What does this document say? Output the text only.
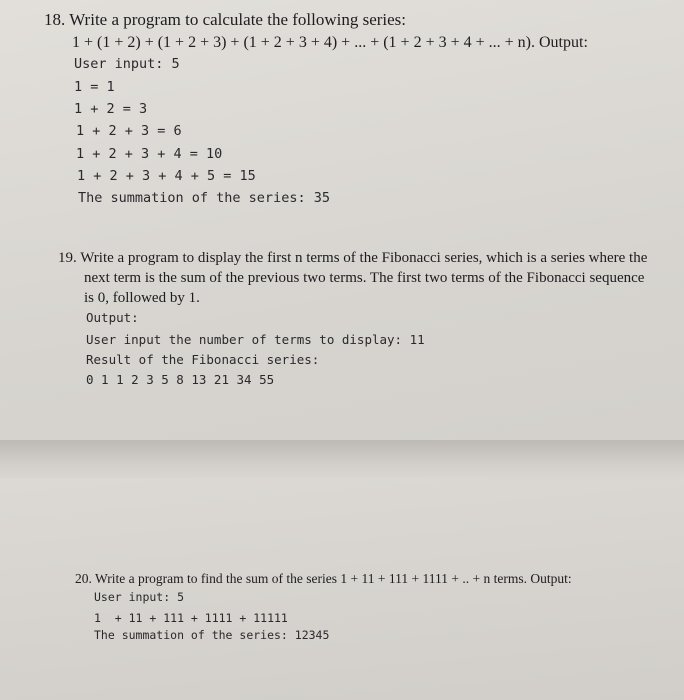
18. Write a program to calculate the following series:
1 + (1 + 2) + (1 + 2 + 3) + (1 + 2 + 3 + 4) + ... + (1 + 2 + 3 + 4 + ... + n). Output:
User input: 5
1 = 1
1 + 2 = 3
1 + 2 + 3 = 6
1 + 2 + 3 + 4 = 10
1 + 2 + 3 + 4 + 5 = 15
The summation of the series: 35
19. Write a program to display the first n terms of the Fibonacci series, which is a series where the
next term is the sum of the previous two terms. The first two terms of the Fibonacci sequence
is 0, followed by 1.
Output:
User input the number of terms to display: 11
Result of the Fibonacci series:
0 1 1 2 3 5 8 13 21 34 55
20. Write a program to find the sum of the series 1 + 11 + 111 + 1111 + .. + n terms. Output:
User input: 5
1  + 11 + 111 + 1111 + 11111
The summation of the series: 12345
